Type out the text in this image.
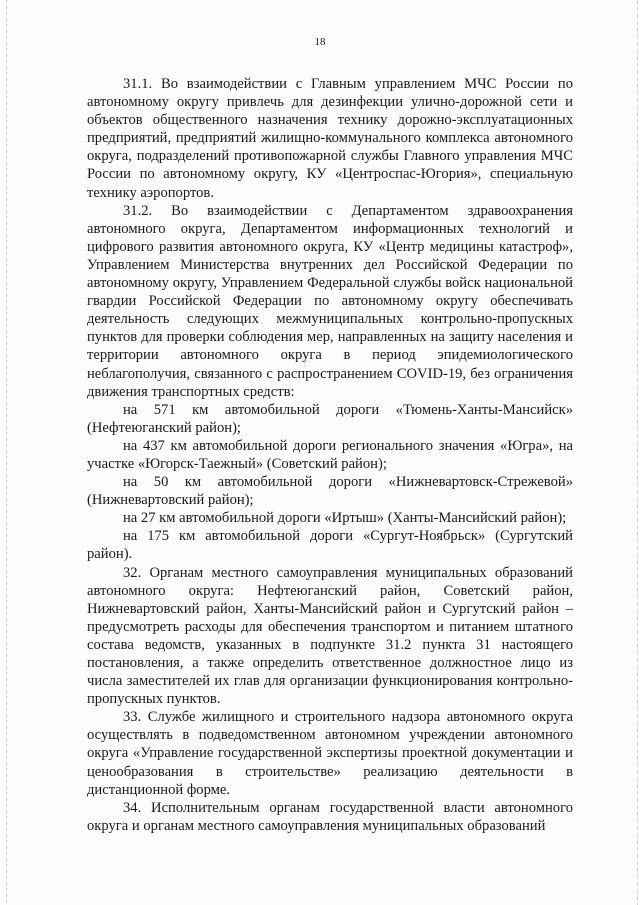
18

31.1. Во взаимодействии с Главным управлением МЧС России по автономному округу привлечь для дезинфекции улично-дорожной сети и объектов общественного назначения технику дорожно-эксплуатационных предприятий, предприятий жилищно-коммунального комплекса автономного округа, подразделений противопожарной службы Главного управления МЧС России по автономному округу, КУ «Центроспас-Югория», специальную технику аэропортов.

31.2. Во взаимодействии с Департаментом здравоохранения автономного округа, Департаментом информационных технологий и цифрового развития автономного округа, КУ «Центр медицины катастроф», Управлением Министерства внутренних дел Российской Федерации по автономному округу, Управлением Федеральной службы войск национальной гвардии Российской Федерации по автономному округу обеспечивать деятельность следующих межмуниципальных контрольно-пропускных пунктов для проверки соблюдения мер, направленных на защиту населения и территории автономного округа в период эпидемиологического неблагополучия, связанного с распространением COVID-19, без ограничения движения транспортных средств:

на 571 км автомобильной дороги «Тюмень-Ханты-Мансийск» (Нефтеюганский район);

на 437 км автомобильной дороги регионального значения «Югра», на участке «Югорск-Таежный» (Советский район);

на 50 км автомобильной дороги «Нижневартовск-Стрежевой» (Нижневартовский район);

на 27 км автомобильной дороги «Иртыш» (Ханты-Мансийский район);

на 175 км автомобильной дороги «Сургут-Ноябрьск» (Сургутский район).

32. Органам местного самоуправления муниципальных образований автономного округа: Нефтеюганский район, Советский район, Нижневартовский район, Ханты-Мансийский район и Сургутский район – предусмотреть расходы для обеспечения транспортом и питанием штатного состава ведомств, указанных в подпункте 31.2 пункта 31 настоящего постановления, а также определить ответственное должностное лицо из числа заместителей их глав для организации функционирования контрольно-пропускных пунктов.

33. Службе жилищного и строительного надзора автономного округа осуществлять в подведомственном автономном учреждении автономного округа «Управление государственной экспертизы проектной документации и ценообразования в строительстве» реализацию деятельности в дистанционной форме.

34. Исполнительным органам государственной власти автономного округа и органам местного самоуправления муниципальных образований
